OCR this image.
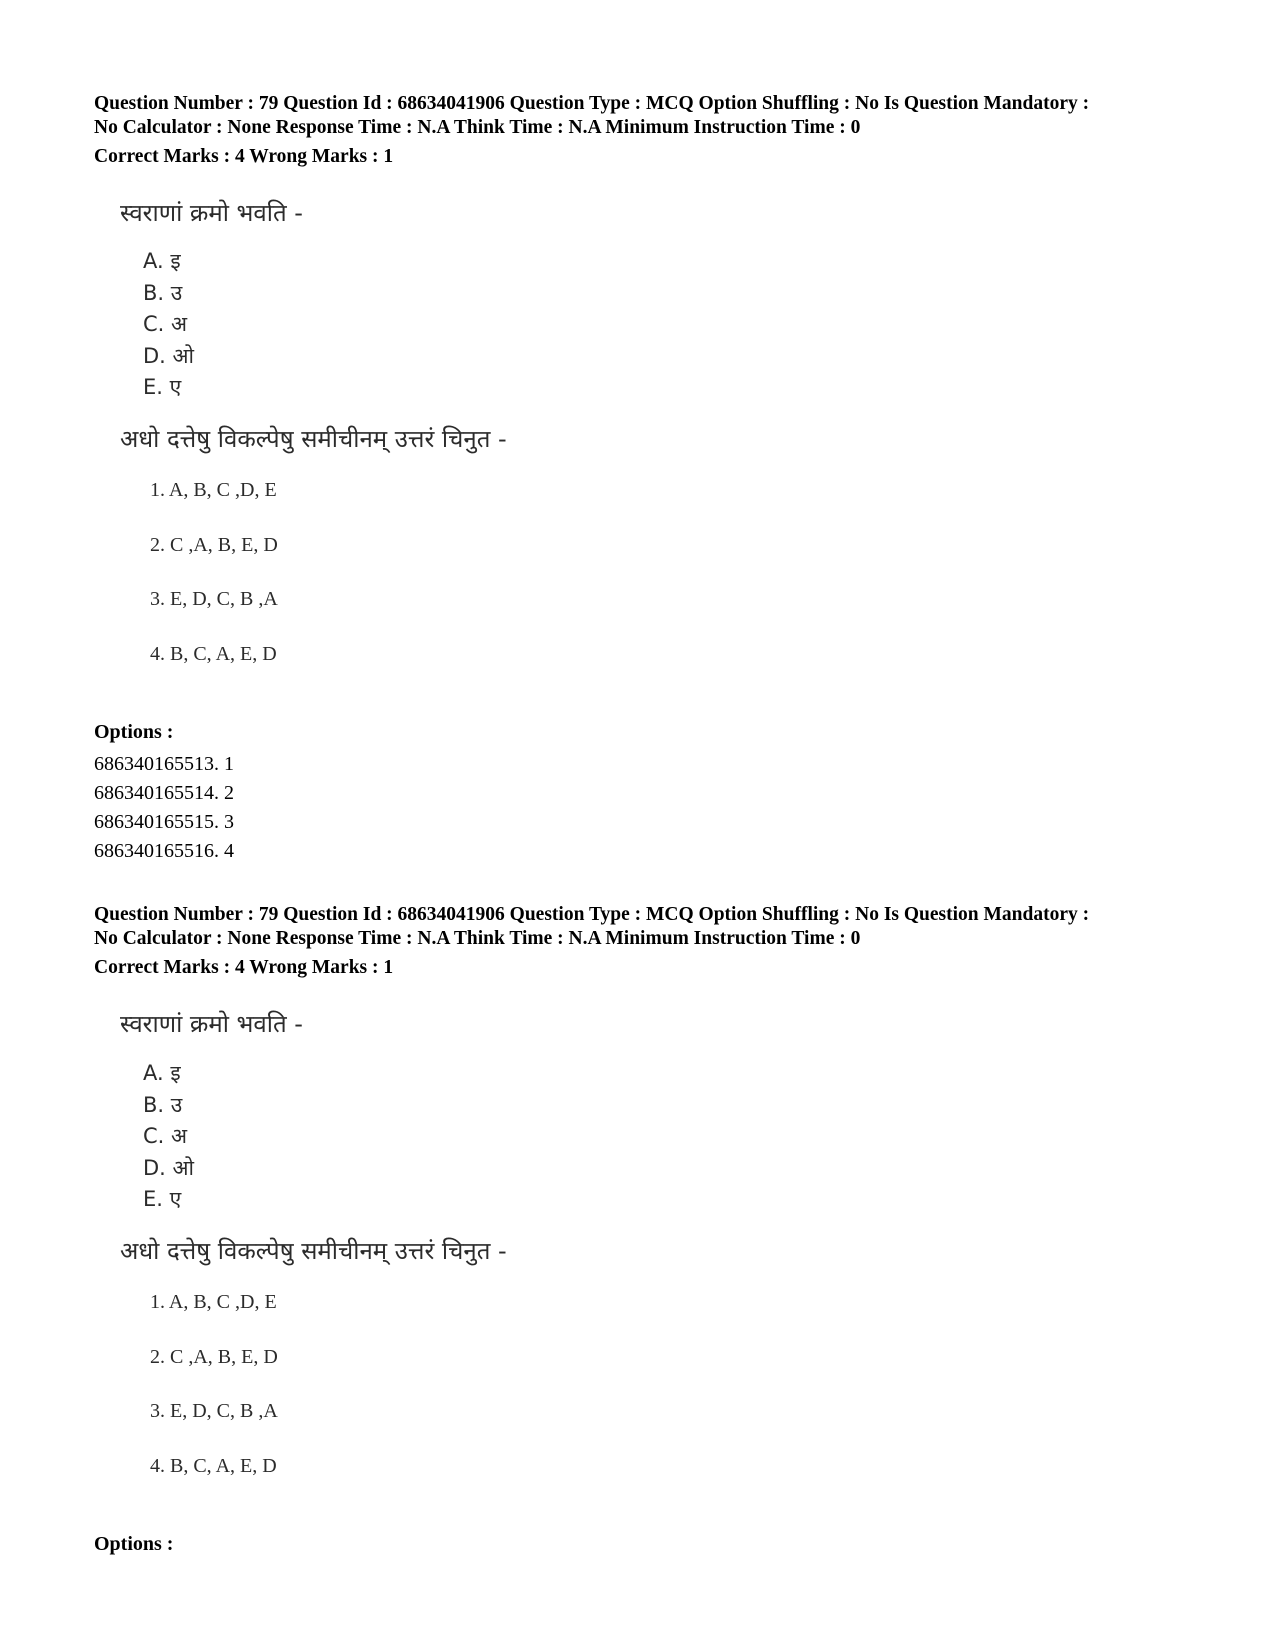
Question Number : 79 Question Id : 68634041906 Question Type : MCQ Option Shuffling : No Is Question Mandatory :
No Calculator : None Response Time : N.A Think Time : N.A Minimum Instruction Time : 0
Correct Marks : 4 Wrong Marks : 1
स्वराणां क्रमो भवति -
A. इ
B. उ
C. अ
D. ओ
E. ए
अधो दत्तेषु विकल्पेषु समीचीनम् उत्तरं चिनुत -
1. A, B, C ,D, E
2. C ,A, B, E, D
3. E, D, C, B ,A
4. B, C, A, E, D
Options :
686340165513. 1
686340165514. 2
686340165515. 3
686340165516. 4
Question Number : 79 Question Id : 68634041906 Question Type : MCQ Option Shuffling : No Is Question Mandatory :
No Calculator : None Response Time : N.A Think Time : N.A Minimum Instruction Time : 0
Correct Marks : 4 Wrong Marks : 1
स्वराणां क्रमो भवति -
A. इ
B. उ
C. अ
D. ओ
E. ए
अधो दत्तेषु विकल्पेषु समीचीनम् उत्तरं चिनुत -
1. A, B, C ,D, E
2. C ,A, B, E, D
3. E, D, C, B ,A
4. B, C, A, E, D
Options :
